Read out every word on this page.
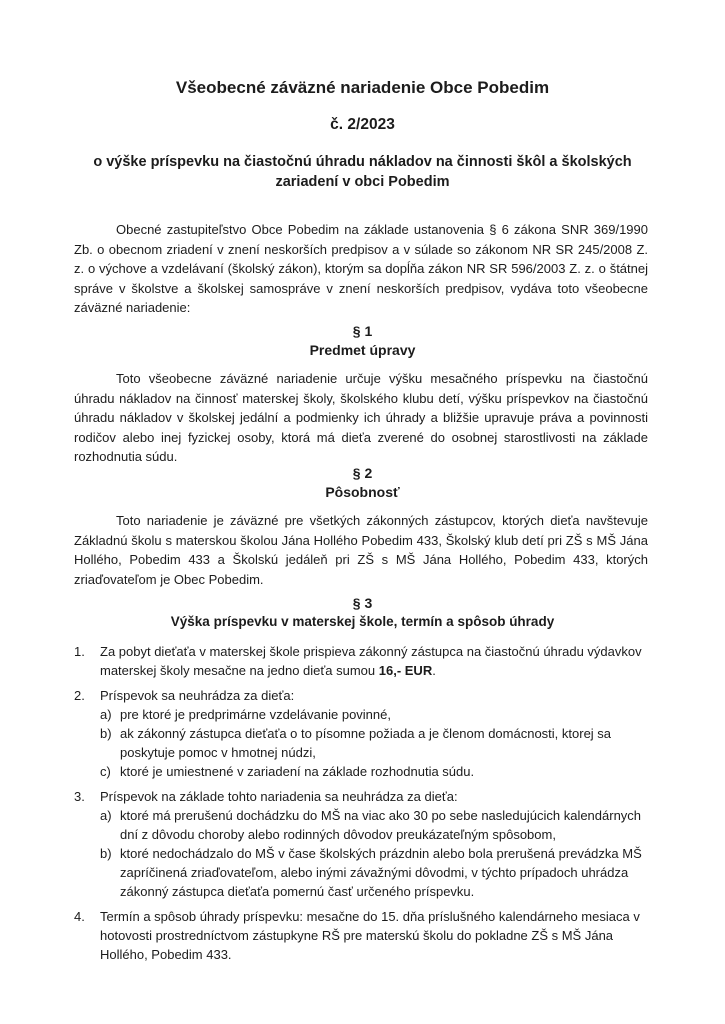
Všeobecné záväzné nariadenie Obce Pobedim
č. 2/2023
o výške príspevku na čiastočnú úhradu nákladov na činnosti škôl a školských
zariadení v obci Pobedim
Obecné zastupiteľstvo Obce Pobedim na základe ustanovenia § 6 zákona SNR 369/1990 Zb. o obecnom zriadení v znení neskorších predpisov a v súlade so zákonom NR SR 245/2008 Z. z. o výchove a vzdelávaní (školský zákon), ktorým sa dopĺňa zákon NR SR 596/2003 Z. z. o štátnej správe v školstve a školskej samospráve v znení neskorších predpisov, vydáva toto všeobecne záväzné nariadenie:
§ 1
Predmet úpravy
Toto všeobecne záväzné nariadenie určuje výšku mesačného príspevku na čiastočnú úhradu nákladov na činnosť materskej školy, školského klubu detí, výšku príspevkov na čiastočnú úhradu nákladov v školskej jedální a podmienky ich úhrady a bližšie upravuje práva a povinnosti rodičov alebo inej fyzickej osoby, ktorá má dieťa zverené do osobnej starostlivosti na základe rozhodnutia súdu.
§ 2
Pôsobnosť
Toto nariadenie je záväzné pre všetkých zákonných zástupcov, ktorých dieťa navštevuje Základnú školu s materskou školou Jána Hollého Pobedim 433, Školský klub detí pri ZŠ s MŠ Jána Hollého, Pobedim 433 a Školskú jedáleň pri ZŠ s MŠ Jána Hollého, Pobedim 433, ktorých zriaďovateľom je Obec Pobedim.
§ 3
Výška príspevku v materskej škole, termín a spôsob úhrady
1. Za pobyt dieťaťa v materskej škole prispieva zákonný zástupca na čiastočnú úhradu výdavkov materskej školy mesačne na jedno dieťa sumou 16,- EUR.
2. Príspevok sa neuhrádza za dieťa:
a) pre ktoré je predprimárne vzdelávanie povinné,
b) ak zákonný zástupca dieťaťa o to písomne požiada a je členom domácnosti, ktorej sa poskytuje pomoc v hmotnej núdzi,
c) ktoré je umiestnené v zariadení na základe rozhodnutia súdu.
3. Príspevok na základe tohto nariadenia sa neuhrádza za dieťa:
a) ktoré má prerušenú dochádzku do MŠ na viac ako 30 po sebe nasledujúcich kalendárnych dní z dôvodu choroby alebo rodinných dôvodov preukázateľným spôsobom,
b) ktoré nedochádzalo do MŠ v čase školských prázdnin alebo bola prerušená prevádzka MŠ zapríčinená zriaďovateľom, alebo inými závažnými dôvodmi, v týchto prípadoch uhrádza zákonný zástupca dieťaťa pomernú časť určeného príspevku.
4. Termín a spôsob úhrady príspevku: mesačne do 15. dňa príslušného kalendárneho mesiaca v hotovosti prostredníctvom zástupkyne RŠ pre materskú školu do pokladne ZŠ s MŠ Jána Hollého, Pobedim 433.
